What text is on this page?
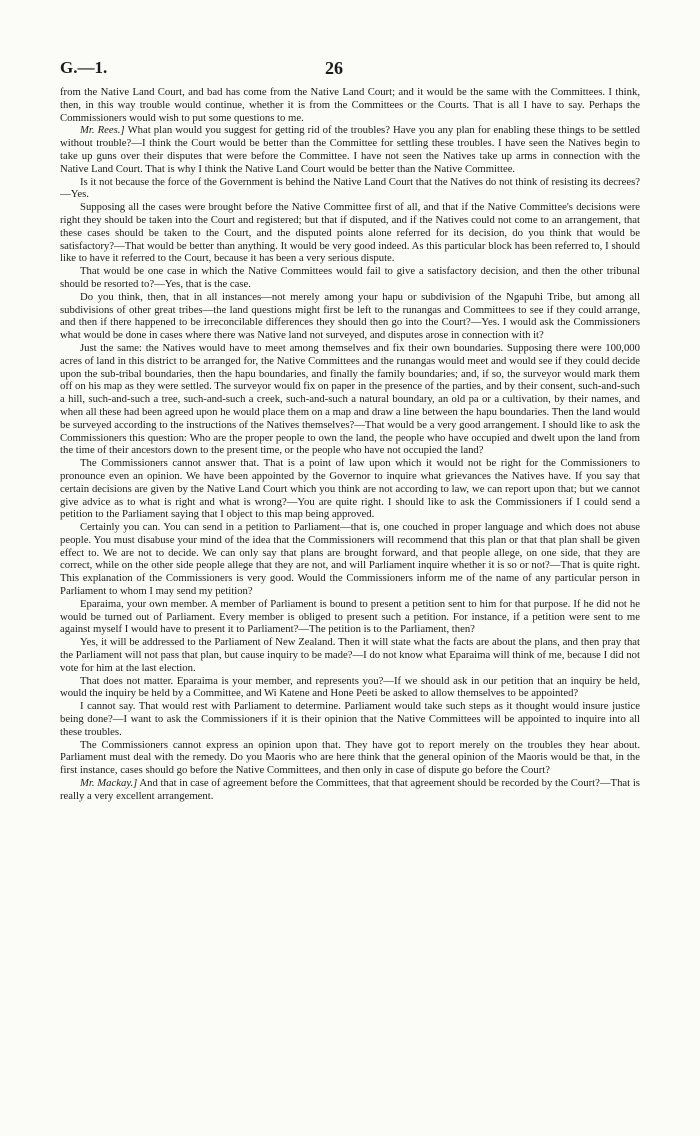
G.—1.	26

from the Native Land Court, and bad has come from the Native Land Court; and it would be the same with the Committees. I think, then, in this way trouble would continue, whether it is from the Committees or the Courts. That is all I have to say. Perhaps the Commissioners would wish to put some questions to me.

Mr. Rees.] What plan would you suggest for getting rid of the troubles? Have you any plan for enabling these things to be settled without trouble?—I think the Court would be better than the Committee for settling these troubles. I have seen the Natives begin to take up guns over their disputes that were before the Committee. I have not seen the Natives take up arms in connection with the Native Land Court. That is why I think the Native Land Court would be better than the Native Committee.

Is it not because the force of the Government is behind the Native Land Court that the Natives do not think of resisting its decrees?—Yes.

Supposing all the cases were brought before the Native Committee first of all, and that if the Native Committee's decisions were right they should be taken into the Court and registered; but that if disputed, and if the Natives could not come to an arrangement, that these cases should be taken to the Court, and the disputed points alone referred for its decision, do you think that would be satisfactory?—That would be better than anything. It would be very good indeed. As this particular block has been referred to, I should like to have it referred to the Court, because it has been a very serious dispute.

That would be one case in which the Native Committees would fail to give a satisfactory decision, and then the other tribunal should be resorted to?—Yes, that is the case.

Do you think, then, that in all instances—not merely among your hapu or subdivision of the Ngapuhi Tribe, but among all subdivisions of other great tribes—the land questions might first be left to the runangas and Committees to see if they could arrange, and then if there happened to be irreconcilable differences they should then go into the Court?—Yes. I would ask the Commissioners what would be done in cases where there was Native land not surveyed, and disputes arose in connection with it?

Just the same: the Natives would have to meet among themselves and fix their own boundaries. Supposing there were 100,000 acres of land in this district to be arranged for, the Native Committees and the runangas would meet and would see if they could decide upon the sub-tribal boundaries, then the hapu boundaries, and finally the family boundaries; and, if so, the surveyor would mark them off on his map as they were settled. The surveyor would fix on paper in the presence of the parties, and by their consent, such-and-such a hill, such-and-such a tree, such-and-such a creek, such-and-such a natural boundary, an old pa or a cultivation, by their names, and when all these had been agreed upon he would place them on a map and draw a line between the hapu boundaries. Then the land would be surveyed according to the instructions of the Natives themselves?—That would be a very good arrangement. I should like to ask the Commissioners this question: Who are the proper people to own the land, the people who have occupied and dwelt upon the land from the time of their ancestors down to the present time, or the people who have not occupied the land?

The Commissioners cannot answer that. That is a point of law upon which it would not be right for the Commissioners to pronounce even an opinion. We have been appointed by the Governor to inquire what grievances the Natives have. If you say that certain decisions are given by the Native Land Court which you think are not according to law, we can report upon that; but we cannot give advice as to what is right and what is wrong?—You are quite right. I should like to ask the Commissioners if I could send a petition to the Parliament saying that I object to this map being approved.

Certainly you can. You can send in a petition to Parliament—that is, one couched in proper language and which does not abuse people. You must disabuse your mind of the idea that the Commissioners will recommend that this plan or that that plan shall be given effect to. We are not to decide. We can only say that plans are brought forward, and that people allege, on one side, that they are correct, while on the other side people allege that they are not, and will Parliament inquire whether it is so or not?—That is quite right. This explanation of the Commissioners is very good. Would the Commissioners inform me of the name of any particular person in Parliament to whom I may send my petition?

Eparaima, your own member. A member of Parliament is bound to present a petition sent to him for that purpose. If he did not he would be turned out of Parliament. Every member is obliged to present such a petition. For instance, if a petition were sent to me against myself I would have to present it to Parliament?—The petition is to the Parliament, then?

Yes, it will be addressed to the Parliament of New Zealand. Then it will state what the facts are about the plans, and then pray that the Parliament will not pass that plan, but cause inquiry to be made?—I do not know what Eparaima will think of me, because I did not vote for him at the last election.

That does not matter. Eparaima is your member, and represents you?—If we should ask in our petition that an inquiry be held, would the inquiry be held by a Committee, and Wi Katene and Hone Peeti be asked to allow themselves to be appointed?

I cannot say. That would rest with Parliament to determine. Parliament would take such steps as it thought would insure justice being done?—I want to ask the Commissioners if it is their opinion that the Native Committees will be appointed to inquire into all these troubles.

The Commissioners cannot express an opinion upon that. They have got to report merely on the troubles they hear about. Parliament must deal with the remedy. Do you Maoris who are here think that the general opinion of the Maoris would be that, in the first instance, cases should go before the Native Committees, and then only in case of dispute go before the Court?

Mr. Mackay.] And that in case of agreement before the Committees, that that agreement should be recorded by the Court?—That is really a very excellent arrangement.
